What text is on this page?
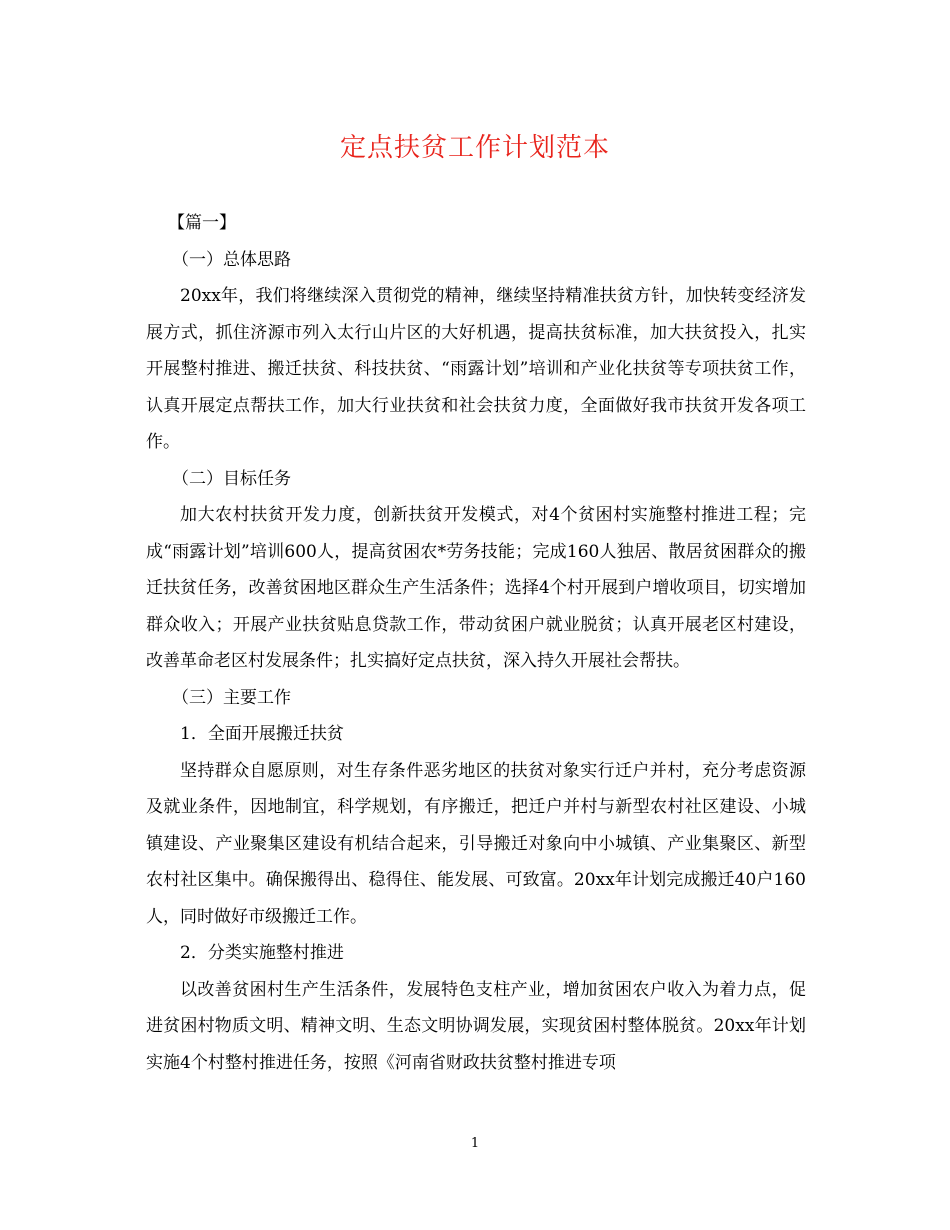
定点扶贫工作计划范本

【篇一】

（一）总体思路

20xx年，我们将继续深入贯彻党的精神，继续坚持精准扶贫方针，加快转变经济发展方式，抓住济源市列入太行山片区的大好机遇，提高扶贫标准，加大扶贫投入，扎实开展整村推进、搬迁扶贫、科技扶贫、“雨露计划”培训和产业化扶贫等专项扶贫工作，认真开展定点帮扶工作，加大行业扶贫和社会扶贫力度，全面做好我市扶贫开发各项工作。

（二）目标任务

加大农村扶贫开发力度，创新扶贫开发模式，对4个贫困村实施整村推进工程；完成“雨露计划”培训600人，提高贫困农*劳务技能；完成160人独居、散居贫困群众的搬迁扶贫任务，改善贫困地区群众生产生活条件；选择4个村开展到户增收项目，切实增加群众收入；开展产业扶贫贴息贷款工作，带动贫困户就业脱贫；认真开展老区村建设，改善革命老区村发展条件；扎实搞好定点扶贫，深入持久开展社会帮扶。

（三）主要工作

1．全面开展搬迁扶贫

坚持群众自愿原则，对生存条件恶劣地区的扶贫对象实行迁户并村，充分考虑资源及就业条件，因地制宜，科学规划，有序搬迁，把迁户并村与新型农村社区建设、小城镇建设、产业聚集区建设有机结合起来，引导搬迁对象向中小城镇、产业集聚区、新型农村社区集中。确保搬得出、稳得住、能发展、可致富。20xx年计划完成搬迁40户160人，同时做好市级搬迁工作。

2．分类实施整村推进

以改善贫困村生产生活条件，发展特色支柱产业，增加贫困农户收入为着力点，促进贫困村物质文明、精神文明、生态文明协调发展，实现贫困村整体脱贫。20xx年计划实施4个村整村推进任务，按照《河南省财政扶贫整村推进专项

1
